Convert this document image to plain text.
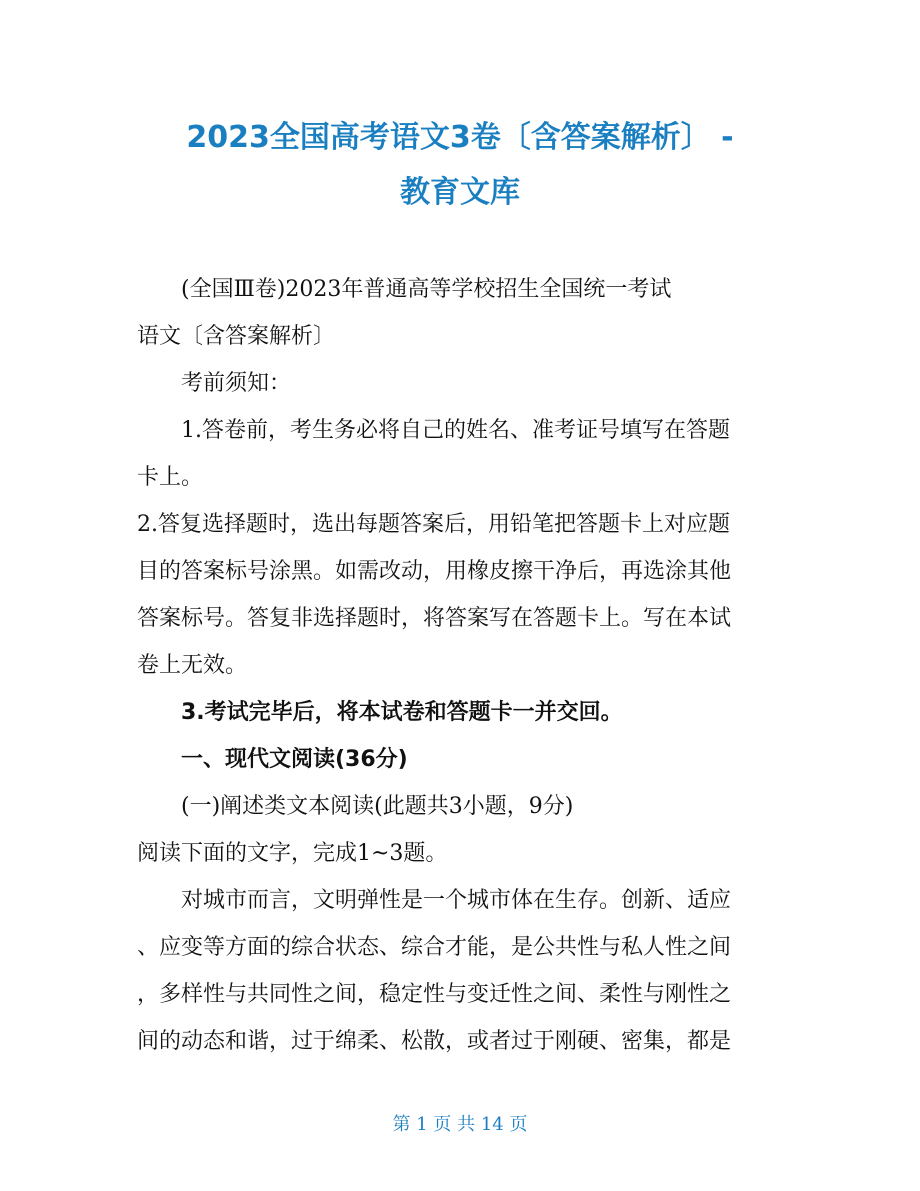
2023全国高考语文3卷〔含答案解析〕 -
教育文库
　　(全国Ⅲ卷)2023年普通高等学校招生全国统一考试
语文〔含答案解析〕
　　考前须知：
　　1.答卷前，考生务必将自己的姓名、准考证号填写在答题
卡上。
2.答复选择题时，选出每题答案后，用铅笔把答题卡上对应题
目的答案标号涂黑。如需改动，用橡皮擦干净后，再选涂其他
答案标号。答复非选择题时，将答案写在答题卡上。写在本试
卷上无效。
　　3.考试完毕后，将本试卷和答题卡一并交回。
　　一、现代文阅读(36分)
　　(一)阐述类文本阅读(此题共3小题，9分)
阅读下面的文字，完成1~3题。
　　对城市而言，文明弹性是一个城市体在生存。创新、适应
、应变等方面的综合状态、综合才能，是公共性与私人性之间
，多样性与共同性之间，稳定性与变迁性之间、柔性与刚性之
间的动态和谐，过于绵柔、松散，或者过于刚硬、密集，都是
第 1 页 共 14 页
